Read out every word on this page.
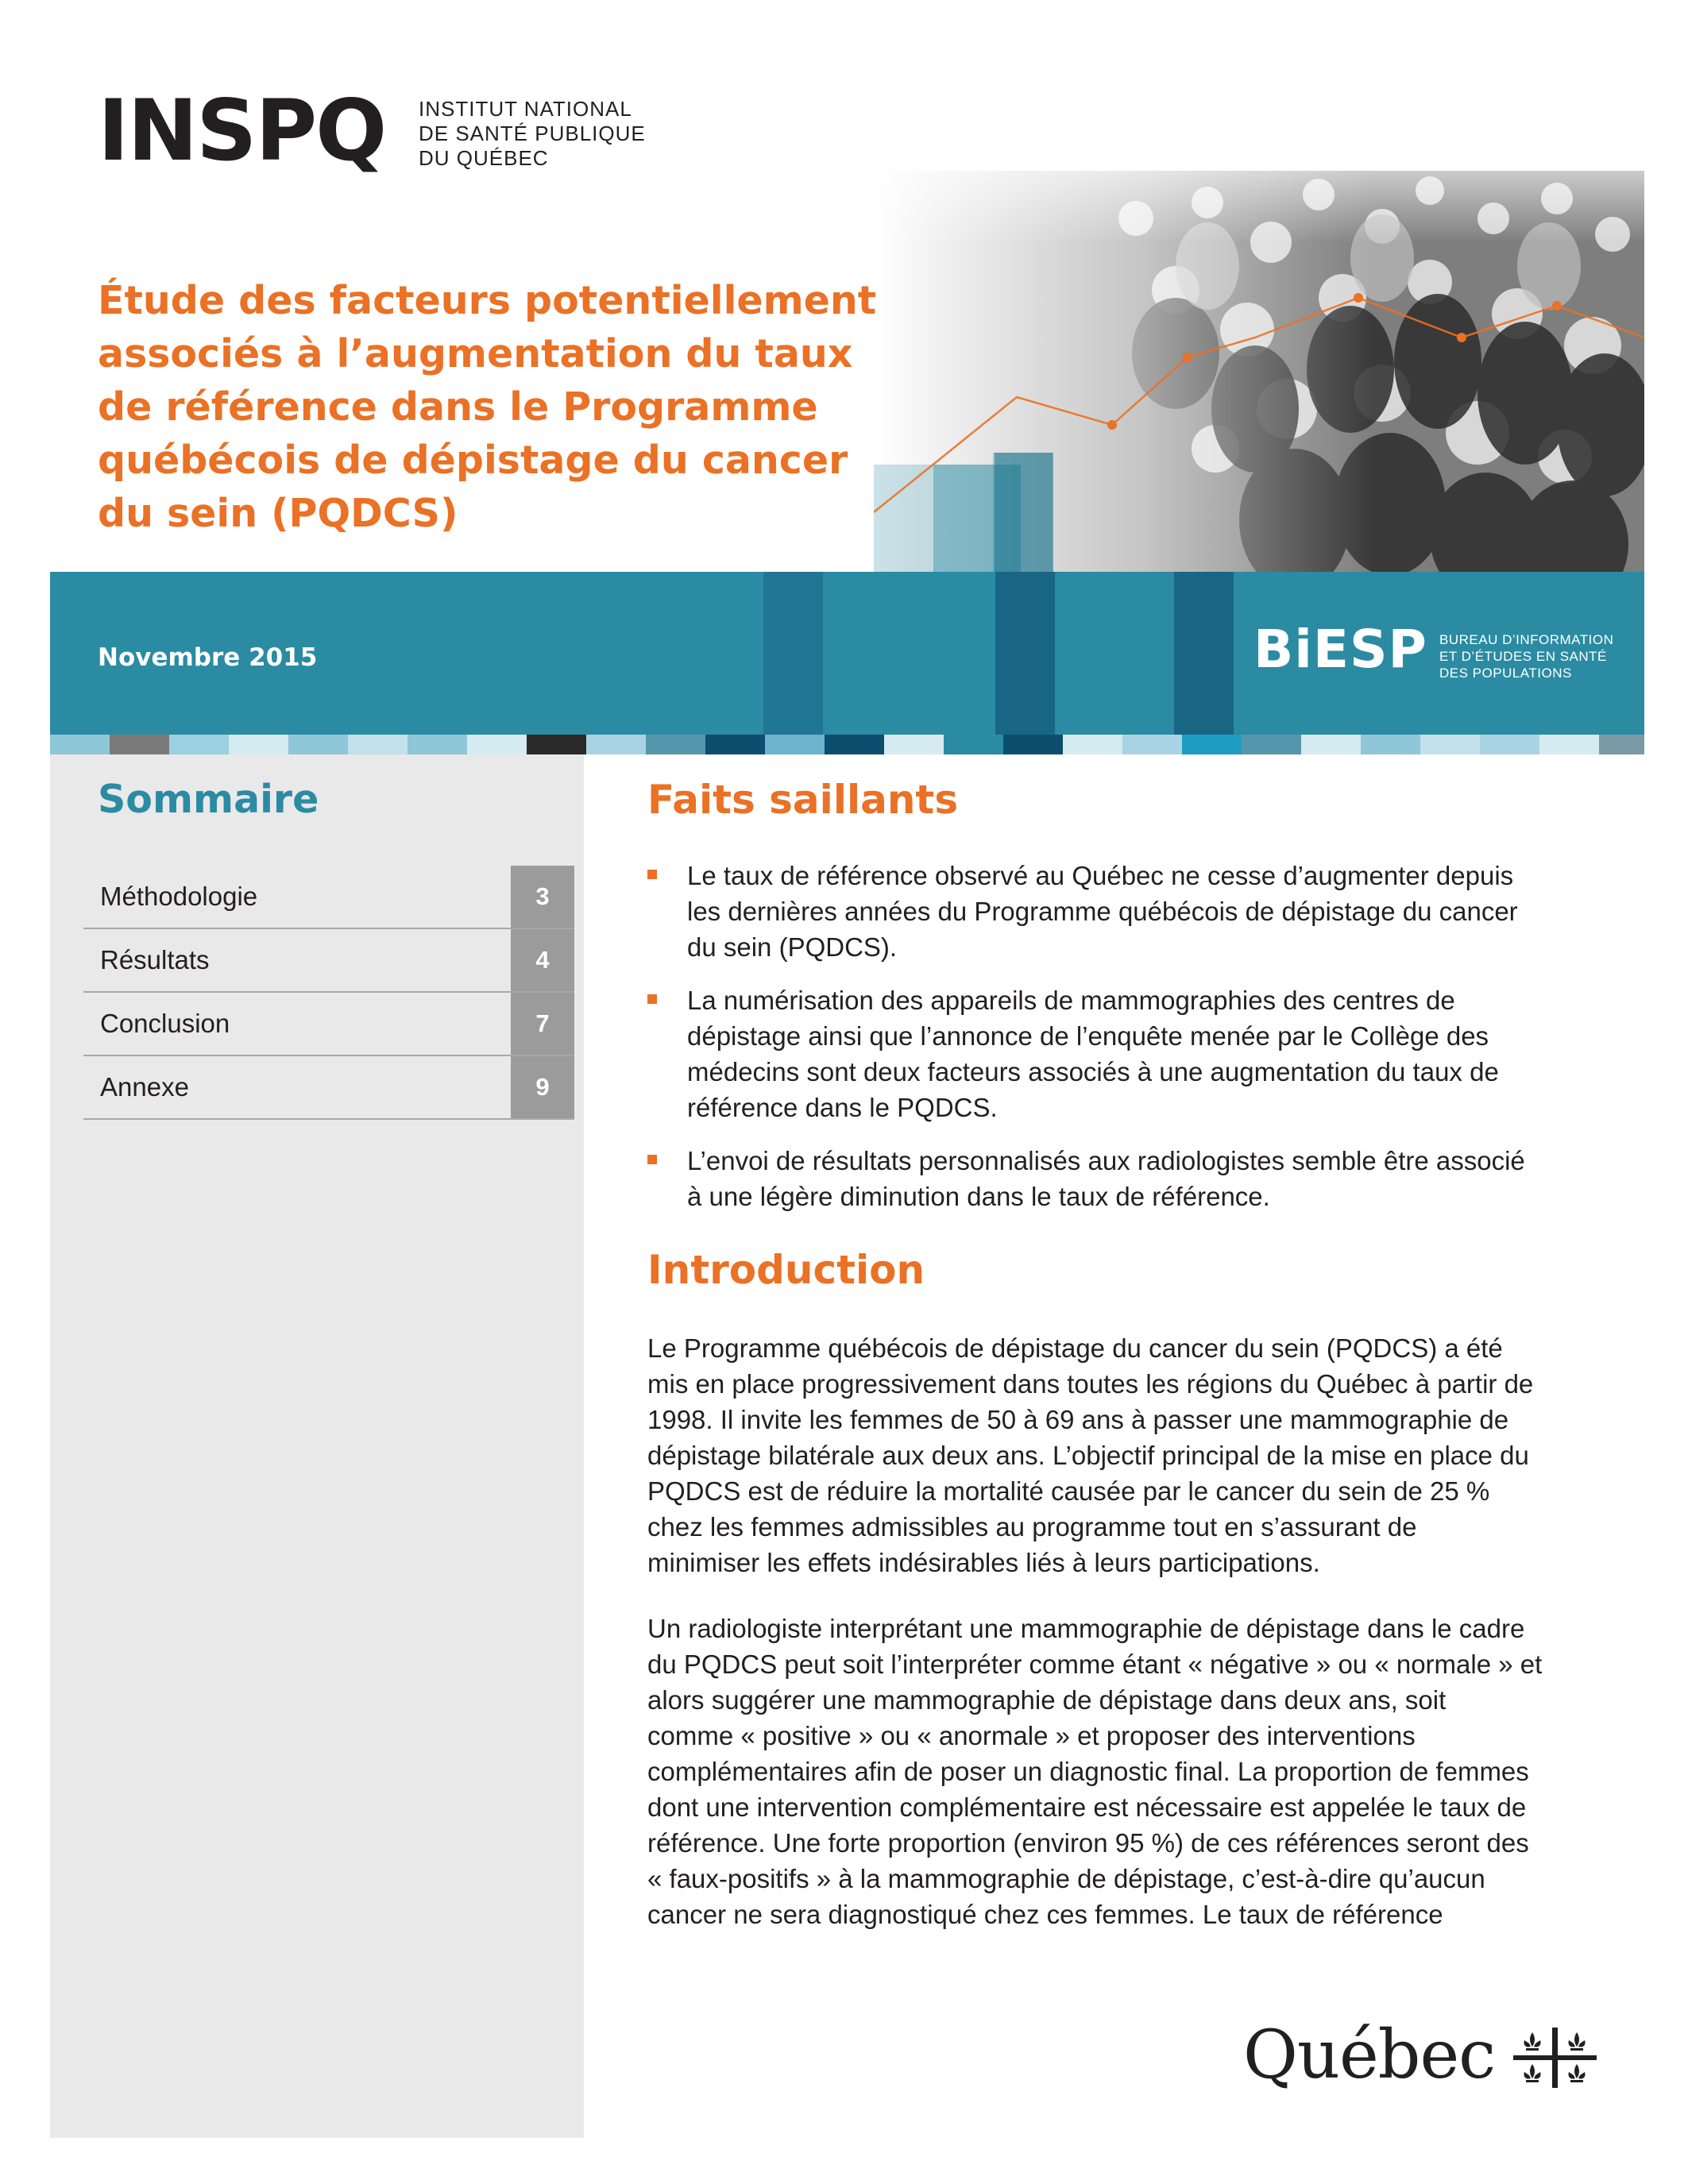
INSPQ INSTITUT NATIONAL
DE SANTÉ PUBLIQUE
DU QUÉBEC
Étude des facteurs potentiellement
associés à l’augmentation du taux
de référence dans le Programme
québécois de dépistage du cancer
du sein (PQDCS)
Novembre 2015	BiESP BUREAU D’INFORMATION
ET D’ÉTUDES EN SANTÉ
DES POPULATIONS
Sommaire
Méthodologie	3
Résultats	4
Conclusion	7
Annexe	9
Faits saillants
Le taux de référence observé au Québec ne cesse d’augmenter depuis
les dernières années du Programme québécois de dépistage du cancer
du sein (PQDCS).
La numérisation des appareils de mammographies des centres de
dépistage ainsi que l’annonce de l’enquête menée par le Collège des
médecins sont deux facteurs associés à une augmentation du taux de
référence dans le PQDCS.
L’envoi de résultats personnalisés aux radiologistes semble être associé
à une légère diminution dans le taux de référence.
Introduction

Le Programme québécois de dépistage du cancer du sein (PQDCS) a été
mis en place progressivement dans toutes les régions du Québec à partir de
1998. Il invite les femmes de 50 à 69 ans à passer une mammographie de
dépistage bilatérale aux deux ans. L’objectif principal de la mise en place du
PQDCS est de réduire la mortalité causée par le cancer du sein de 25 %
chez les femmes admissibles au programme tout en s’assurant de
minimiser les effets indésirables liés à leurs participations.

Un radiologiste interprétant une mammographie de dépistage dans le cadre
du PQDCS peut soit l’interpréter comme étant « négative » ou « normale » et
alors suggérer une mammographie de dépistage dans deux ans, soit
comme « positive » ou « anormale » et proposer des interventions
complémentaires afin de poser un diagnostic final. La proportion de femmes
dont une intervention complémentaire est nécessaire est appelée le taux de
référence. Une forte proportion (environ 95 %) de ces références seront des
« faux-positifs » à la mammographie de dépistage, c’est-à-dire qu’aucun
cancer ne sera diagnostiqué chez ces femmes. Le taux de référence

Québec
